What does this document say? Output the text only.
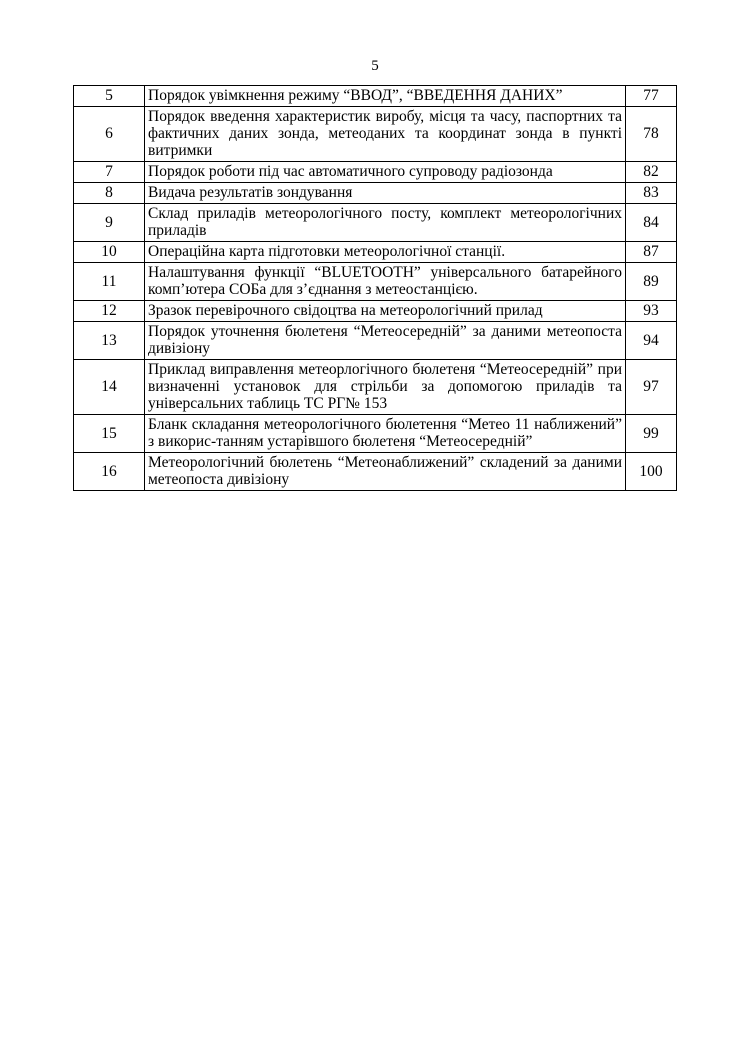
5
5	Порядок увімкнення режиму “ВВОД”, “ВВЕДЕННЯ ДАНИХ”	77
6	Порядок введення характеристик виробу, місця та часу, паспортних та фактичних даних зонда, метеоданих та координат зонда в пункті витримки	78
7	Порядок роботи під час автоматичного супроводу радіозонда	82
8	Видача результатів зондування	83
9	Склад приладів метеорологічного посту, комплект метеорологічних приладів	84
10	Операційна карта підготовки метеорологічної станції.	87
11	Налаштування функції “BLUETOOTH” універсального батарейного комп’ютера СОБа для з’єднання з метеостанцією.	89
12	Зразок перевірочного свідоцтва на метеорологічний прилад	93
13	Порядок уточнення бюлетеня “Метеосередній” за даними метеопоста дивізіону	94
14	Приклад виправлення метеорлогічного бюлетеня “Метеосередній” при визначенні установок для стрільби за допомогою приладів та універсальних таблиць ТС РГ№ 153	97
15	Бланк складання метеорологічного бюлетення “Метео 11 наближений” з викорис-танням устарівшого бюлетеня “Метеосередній”	99
16	Метеорологічний бюлетень “Метеонаближений” складений за даними метеопоста дивізіону	100
